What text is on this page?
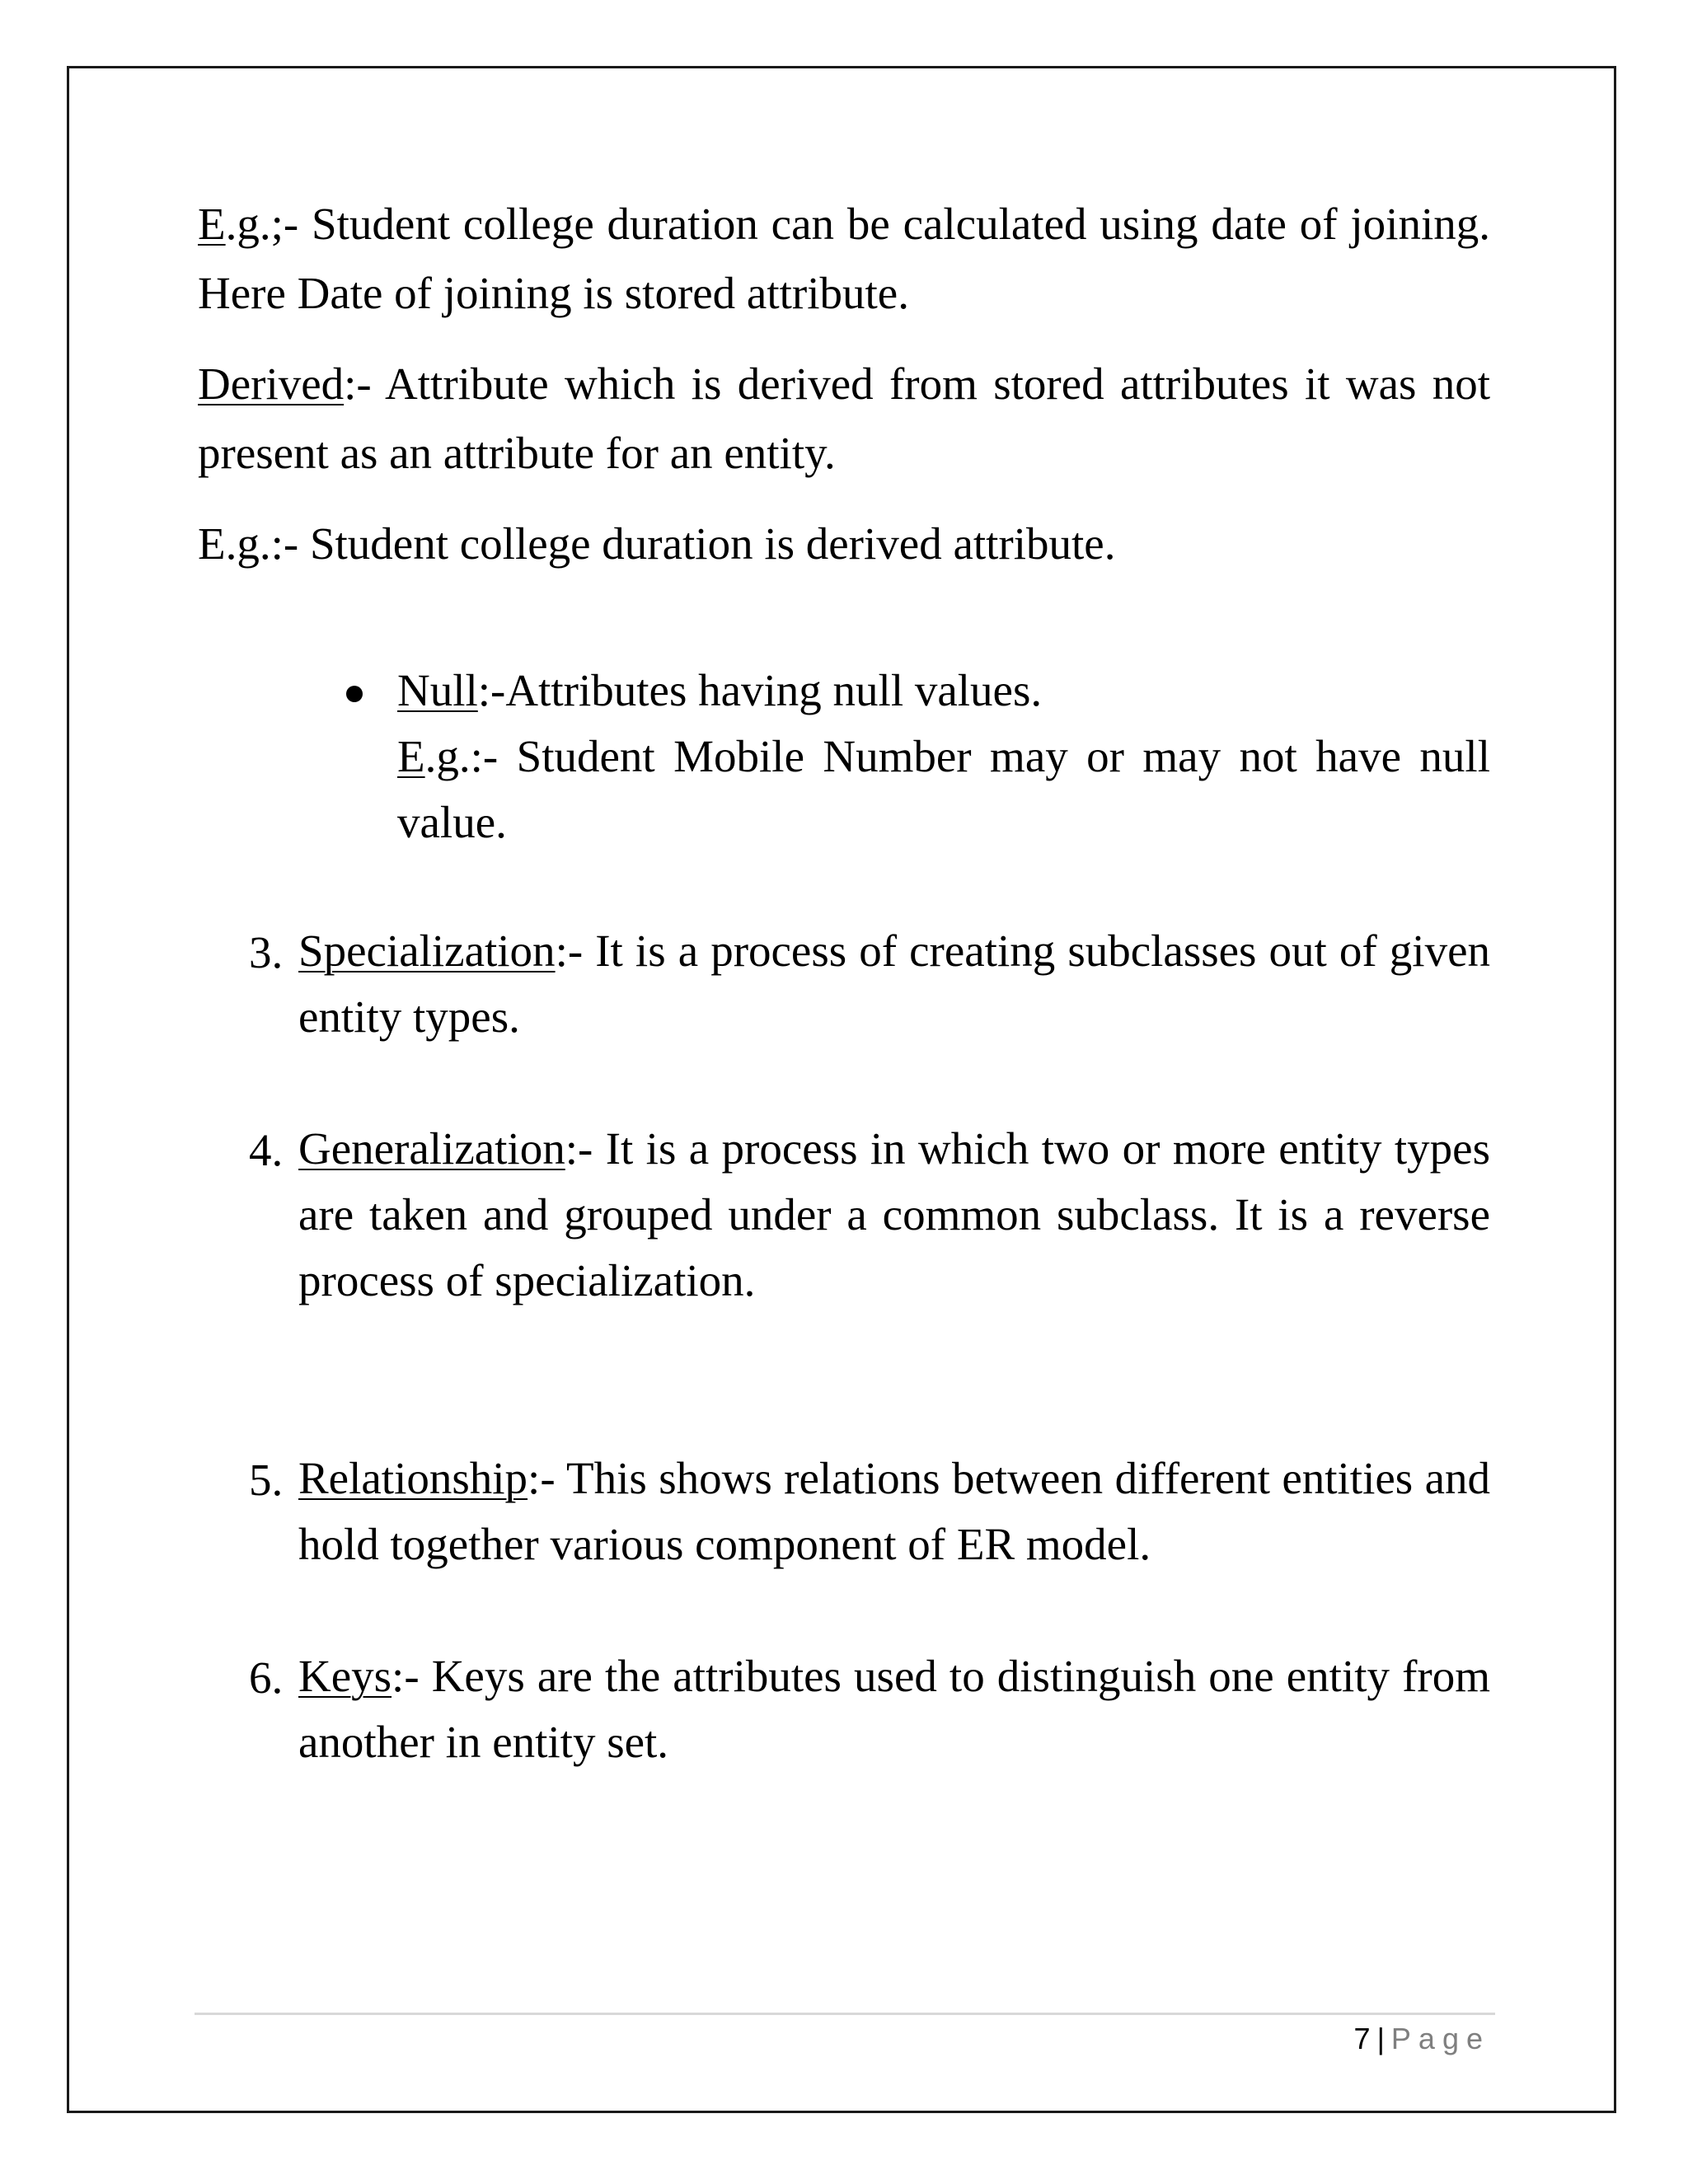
E.g.;- Student college duration can be calculated using date of joining. Here Date of joining is stored attribute.

Derived:- Attribute which is derived from stored attributes it was not present as an attribute for an entity.

E.g.:- Student college duration is derived attribute.

Null:-Attributes having null values.

E.g.:- Student Mobile Number may or may not have null value.

3. Specialization:- It is a process of creating subclasses out of given entity types.

4. Generalization:- It is a process in which two or more entity types are taken and grouped under a common subclass. It is a reverse process of specialization.

5. Relationship:- This shows relations between different entities and hold together various component of ER model.

6. Keys:- Keys are the attributes used to distinguish one entity from another in entity set.

7 | Page
